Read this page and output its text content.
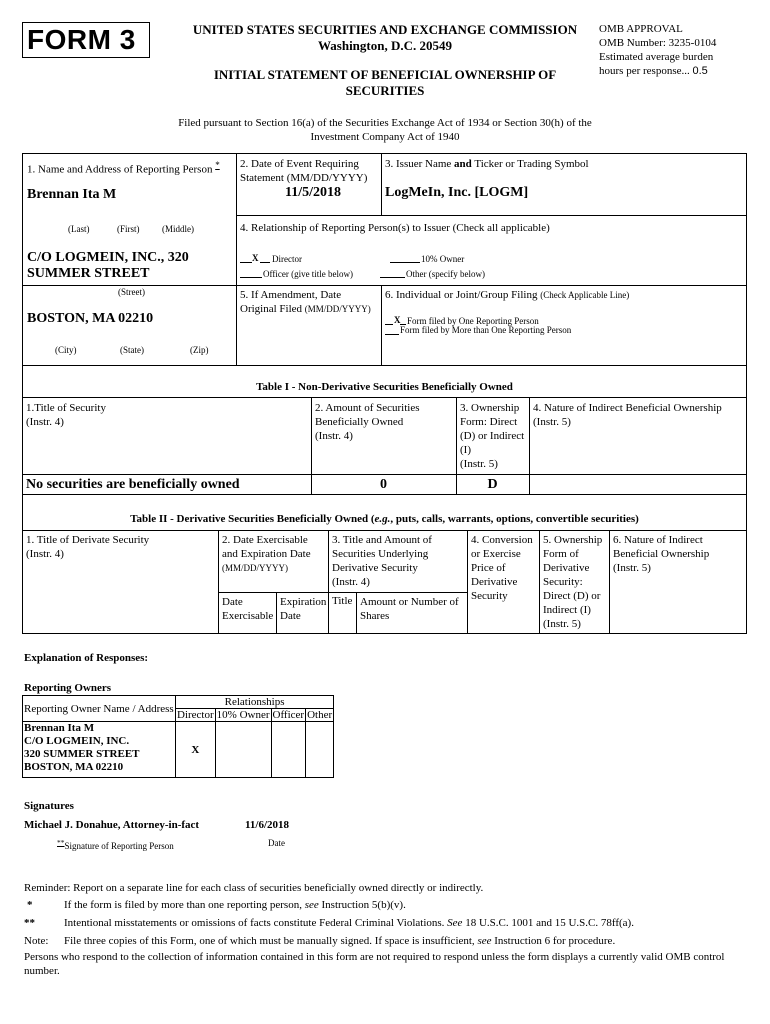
FORM 3	UNITED STATES SECURITIES AND EXCHANGE COMMISSION
Washington, D.C. 20549
INITIAL STATEMENT OF BENEFICIAL OWNERSHIP OF
SECURITIES
OMB APPROVAL
OMB Number: 3235-0104
Estimated average burden
hours per response... 0.5
Filed pursuant to Section 16(a) of the Securities Exchange Act of 1934 or Section 30(h) of the
Investment Company Act of 1940
1. Name and Address of Reporting Person *
Brennan Ita M
(Last)	(First)	(Middle)
C/O LOGMEIN, INC., 320
SUMMER STREET
(Street)
BOSTON, MA 02210
(City)	(State)	(Zip)
2. Date of Event Requiring
Statement (MM/DD/YYYY)
11/5/2018
3. Issuer Name and Ticker or Trading Symbol
LogMeIn, Inc. [LOGM]
4. Relationship of Reporting Person(s) to Issuer (Check all applicable)
X Director	10% Owner
Officer (give title below)	Other (specify below)
5. If Amendment, Date
Original Filed (MM/DD/YYYY)
6. Individual or Joint/Group Filing (Check Applicable Line)
X Form filed by One Reporting Person
Form filed by More than One Reporting Person
Table I - Non-Derivative Securities Beneficially Owned
1.Title of Security
(Instr. 4)
2. Amount of Securities
Beneficially Owned
(Instr. 4)
3. Ownership
Form: Direct
(D) or Indirect
(I)
(Instr. 5)
4. Nature of Indirect Beneficial Ownership
(Instr. 5)
No securities are beneficially owned	0	D
Table II - Derivative Securities Beneficially Owned (e.g., puts, calls, warrants, options, convertible securities)
1. Title of Derivate Security
(Instr. 4)
2. Date Exercisable
and Expiration Date
(MM/DD/YYYY)
Date
Exercisable
Expiration
Date
3. Title and Amount of
Securities Underlying
Derivative Security
(Instr. 4)
Title Amount or Number of
Shares
4. Conversion
or Exercise
Price of
Derivative
Security
5. Ownership
Form of
Derivative
Security:
Direct (D) or
Indirect (I)
(Instr. 5)
6. Nature of Indirect
Beneficial Ownership
(Instr. 5)
Explanation of Responses:
Reporting Owners
Reporting Owner Name / Address	Relationships			
	Director	10% Owner	Officer	Other

Brennan Ita M
C/O LOGMEIN, INC.
320 SUMMER STREET
BOSTON, MA 02210	X			
Signatures
Michael J. Donahue, Attorney-in-fact	11/6/2018
**Signature of Reporting Person	Date
Reminder: Report on a separate line for each class of securities beneficially owned directly or indirectly.
*	If the form is filed by more than one reporting person, see Instruction 5(b)(v).
**	Intentional misstatements or omissions of facts constitute Federal Criminal Violations. See 18 U.S.C. 1001 and 15 U.S.C. 78ff(a).
Note: File three copies of this Form, one of which must be manually signed. If space is insufficient, see Instruction 6 for procedure.
Persons who respond to the collection of information contained in this form are not required to respond unless the form displays a currently valid OMB control
number.
